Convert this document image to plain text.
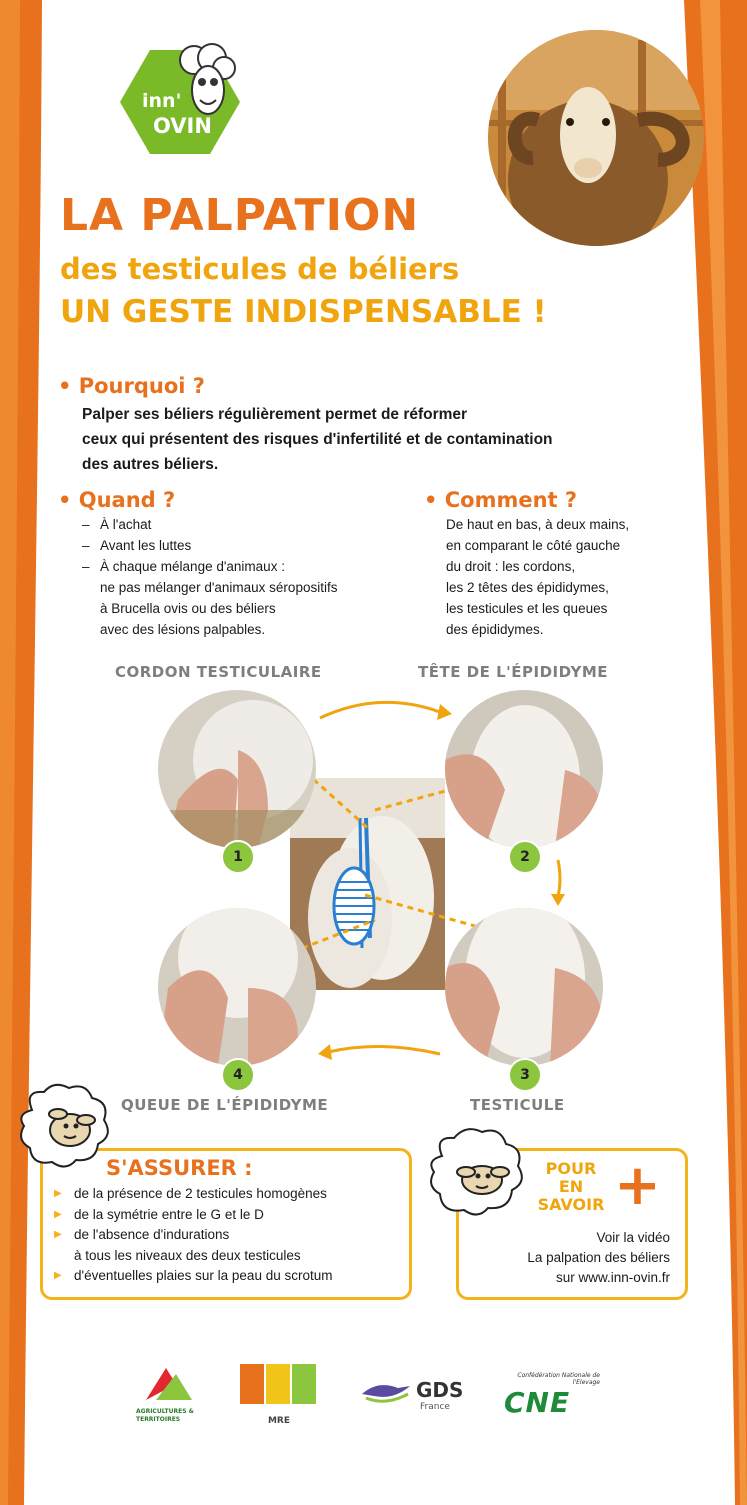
inn'
OVIN
LA PALPATION
des testicules de béliers
UN GESTE INDISPENSABLE !
• Pourquoi ?
Palper ses béliers régulièrement permet de réformer
ceux qui présentent des risques d'infertilité et de contamination
des autres béliers.
• Quand ?
– À l'achat
– Avant les luttes
– À chaque mélange d'animaux :
ne pas mélanger d'animaux séropositifs
à Brucella ovis ou des béliers
avec des lésions palpables.
• Comment ?
De haut en bas, à deux mains,
en comparant le côté gauche
du droit : les cordons,
les 2 têtes des épididymes,
les testicules et les queues
des épididymes.
CORDON TESTICULAIRE	TÊTE DE L'ÉPIDIDYME
QUEUE DE L'ÉPIDIDYME	TESTICULE
1	2
3
4
S'ASSURER :
▶ de la présence de 2 testicules homogènes
▶ de la symétrie entre le G et le D
▶ de l'absence d'indurations
à tous les niveaux des deux testicules
▶ d'éventuelles plaies sur la peau du scrotum
POUR
EN
SAVOIR +
Voir la vidéo
La palpation des béliers
sur www.inn-ovin.fr
AGRICULTURES & TERRITOIRES	MRE
GDS
France
Confédération Nationale de l'Elevage
CNE
